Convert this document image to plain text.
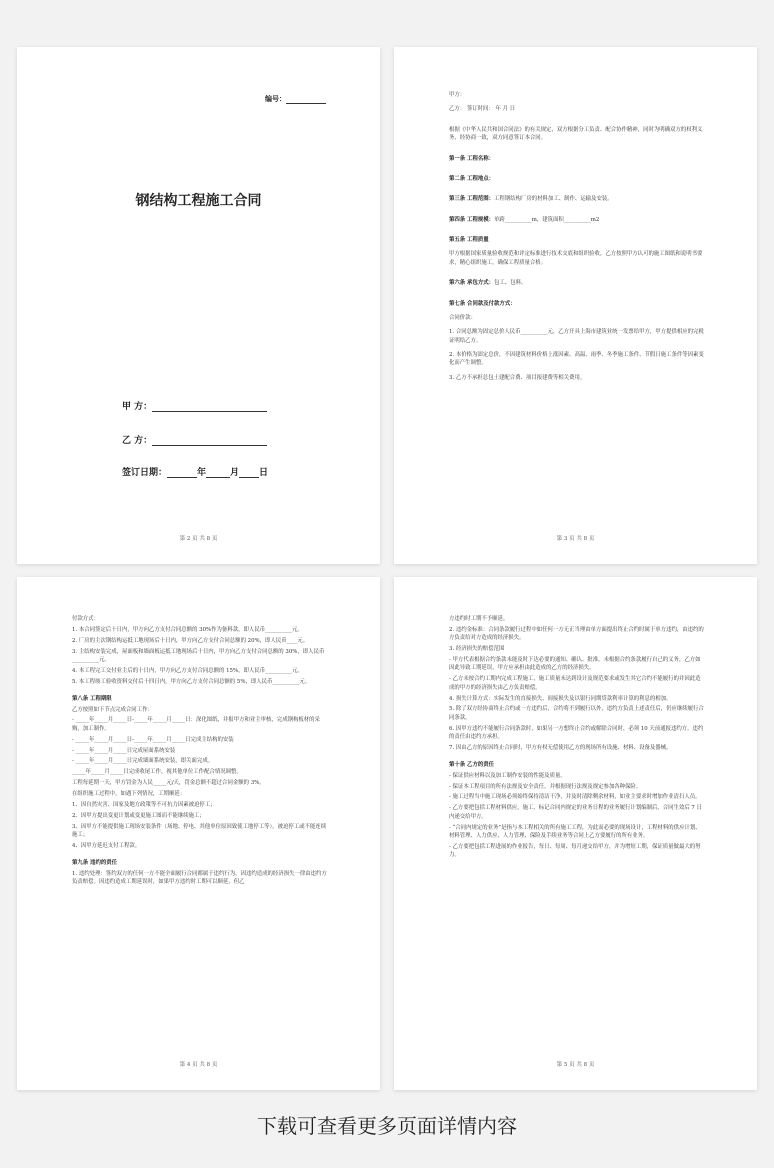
编号：
钢结构工程施工合同
甲 方：
乙 方：
签订日期：	年	月 日
第 2 页 共 8 页

甲方：

乙方： 签订时间： 年 月 日

根据《中华人民共和国合同法》的有关规定，双方根据分工负责、配合协作精神，同时为明确双方的权利义务，经协商一致，双方同意签订本合同。

第一条 工程名称：

第二条 工程地点：

第三条 工程范围：工程钢结构厂房的材料加工、制作、运输及安装。

第四条 工程规模：单跨__________m，建筑面积__________m2

第五条 工程质量

甲方根据国家质量验收规范和评定标准进行技术交底和组织验收，乙方按照甲方认可的施工图纸和说明书要求，精心组织施工，确保工程质量合格。

第六条 承包方式：包工、包料。

第七条 合同款及付款方式：

合同价款：

1. 合同总额为固定总价人民币__________元，乙方开具上海市建筑业统一发票给甲方，甲方提供相应的完税证明给乙方。

2. 本价格为固定总价，不因建筑材料价格上涨因素、高温、雨季、冬季施工条件、节假日施工条件等因素变化而产生调整。

3. 乙方不承担总包土建配合费、项目报建费等相关费用。

第 3 页 共 8 页

付款方式：

1. 本合同签定后十日内，甲方向乙方支付合同总额的 30%作为备料款，即人民币__________元。

2. 厂房的主次钢结构运抵工地现场后十日内，甲方向乙方支付合同总额的 20%，即人民币____元。

3. 主结构安装完成，屋面板和墙面板运抵工地现场后十日内，甲方向乙方支付合同总额的 30%，即人民币__________元。

4. 本工程完工交付业主后的十日内，甲方向乙方支付合同总额的 15%，即人民币__________元。

5. 本工程竣工验收资料交付后十四日内，甲方向乙方支付合同总额的 5%，即人民币__________元。

第八条 工程期限

乙方按照如下节点完成合同工作：

- _____年_____月_____日-_____年_____月_____日：深化图纸，并报甲方和业主审核，完成钢构板材的采购，加工制作。

- _____年_____月_____日-_____年_____月_____日完成主结构的安装

- _____年_____月_____日完成屋面系统安装

- _____年_____月_____日完成墙面系统安装，即关面完成。

_____年_____月_____日完成收尾工作，视其他单位工作配合情况调整。

工程每延期一天，甲方罚金为人民_____元/天，罚金总额不超过合同金额的 3%。

在组织施工过程中，如遇下列情况，工期顺延：

1、因自然灾害、国家及地方政策等不可抗力因素被迫停工；

2、因甲方提出变更计划或变更施工图而不能继续施工；

3、因甲方不能提供施工现场安装条件（场地、停电、其他单位原因致使工地停工等），被迫停工或不能连续施工；

4、因甲方延迟支付工程款。

第九条 违约的责任

1. 违约处理：签约双方的任何一方不能全面履行合同都属于违约行为，因违约造成的经济损失一律由违约方负责赔偿。因违约造成工期延误时，如果甲方违约时工期可以顺延，但乙

第 4 页 共 8 页

方违约时工期不予顺延。

2. 违约金标准：合同条款履行过程中如任何一方无正当理由单方面提出终止合约时属于单方违约，由违约的方负责给对方造成的经济损失。

3. 经济损失的赔偿范围

- 甲方代表根据合约条款未能及时下达必要的通知、确认、批准，未根据合约条款履行自己的义务，乙方如因此导致工期延误，甲方应承担由此造成的乙方的经济损失。

- 乙方未按合约工期内完成工程施工，施工质量未达到设计及规范要求或发生其它合约不能履行的并因此造成的甲方的经济损失由乙方负责赔偿。

4. 损失计算方式：实际发生的直接损失、间接损失及以银行同期贷款利率计算的利息的相加。

5. 除了双方经协商终止合约或一方违约后，合约将不到履行以外，违约方负责上述责任后，仍应继续履行合同条款。

6. 因甲方违约不能履行合同条款时，如果另一方想终止合约或解除合同时，必须 10 天前通报违约方，违约的责任由违约方承担。

7. 因由乙方的原因终止合同时，甲方有权无偿使用乙方的现场所有设施、材料、设备及器械。

第十条 乙方的责任

- 保证供应材料以及加工制作安装的性能及质量。

- 保证本工程项目的所有法规及安全责任，并根据现行法规及规定参加各种保险。

- 施工过程当中施工现场必须始终保持清洁干净，并及时清除剩余材料，如业主要求时增加作业清扫人员。

- 乙方要把包括工程材料供应，施工，标记合同内规定的业务日程的业务履行计划编制后，合同生效后 7 日内递交给甲方。

- “合同内规定的业务”是指与本工程相关的所有施工工程，为此而必要的现场设计，工程材料的供应计划、材料管理、人力供应、人力管理、保险及手续业务等合同上乙方要履行的所有业务。

- 乙方要把包括工程进展的作业报告，每日、每周、每月递交给甲方，并为增短工期，保证质量做最大的努力。

第 5 页 共 8 页
下载可查看更多页面详情内容
